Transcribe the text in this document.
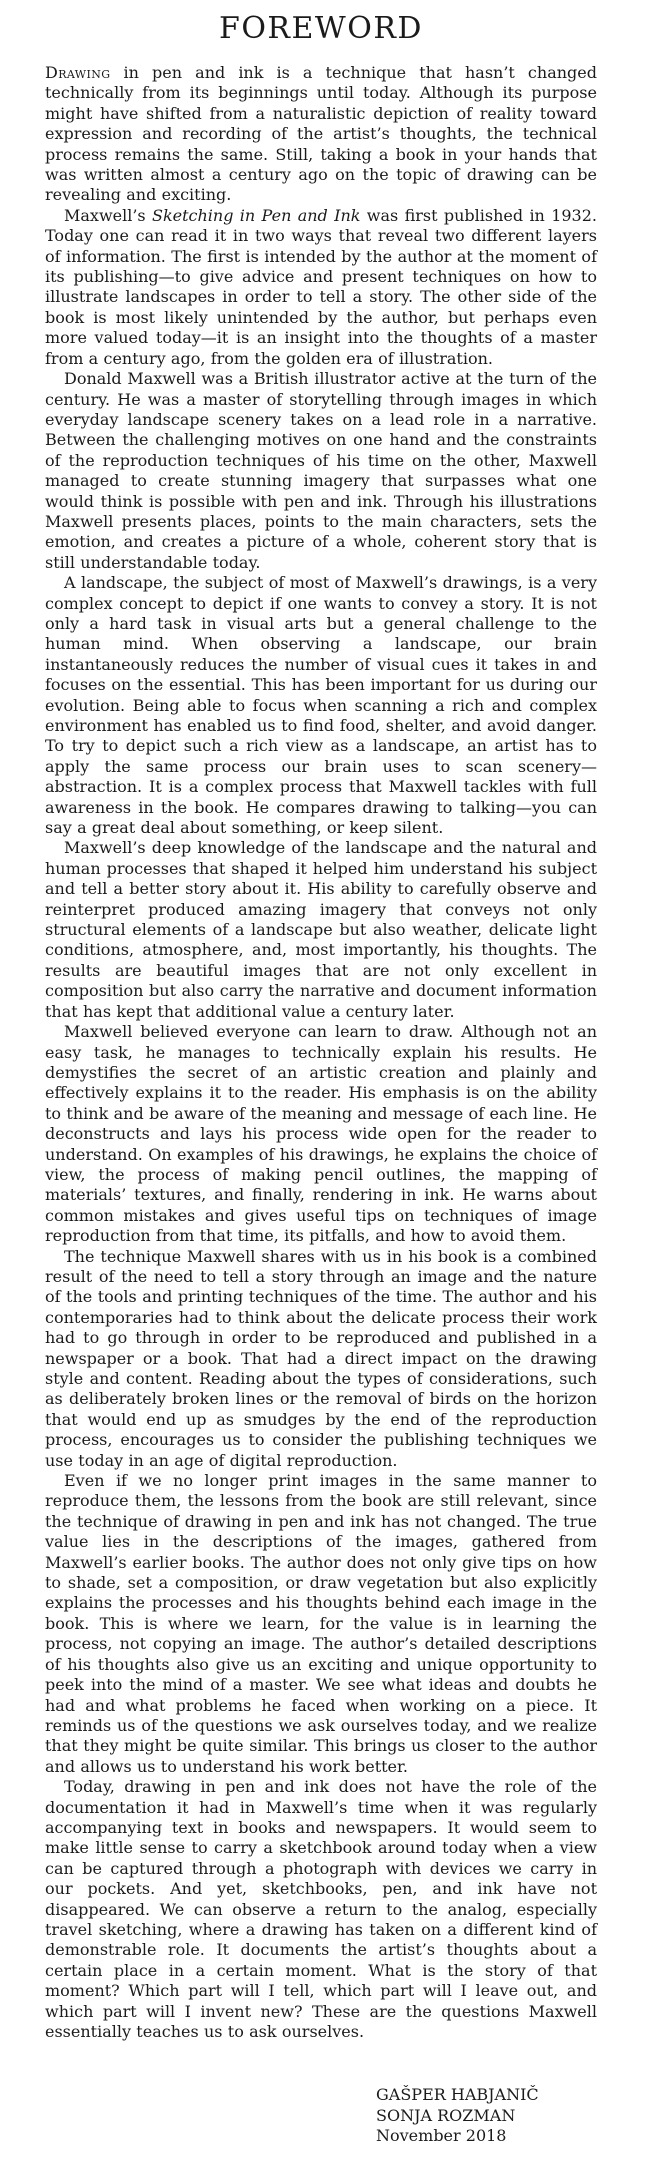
FOREWORD

Drawing in pen and ink is a technique that hasn’t changed technically from its beginnings until today. Although its purpose might have shifted from a naturalistic depiction of reality toward expression and recording of the artist’s thoughts, the technical process remains the same. Still, taking a book in your hands that was written almost a century ago on the topic of drawing can be revealing and exciting.

Maxwell’s Sketching in Pen and Ink was first published in 1932. Today one can read it in two ways that reveal two different layers of information. The first is intended by the author at the moment of its publishing—to give advice and present techniques on how to illustrate landscapes in order to tell a story. The other side of the book is most likely unintended by the author, but perhaps even more valued today—it is an insight into the thoughts of a master from a century ago, from the golden era of illustration.

Donald Maxwell was a British illustrator active at the turn of the century. He was a master of storytelling through images in which everyday landscape scenery takes on a lead role in a narrative. Between the challenging motives on one hand and the constraints of the reproduction techniques of his time on the other, Maxwell managed to create stunning imagery that surpasses what one would think is possible with pen and ink. Through his illustrations Maxwell presents places, points to the main characters, sets the emotion, and creates a picture of a whole, coherent story that is still understandable today.

A landscape, the subject of most of Maxwell’s drawings, is a very complex concept to depict if one wants to convey a story. It is not only a hard task in visual arts but a general challenge to the human mind. When observing a landscape, our brain instantaneously reduces the number of visual cues it takes in and focuses on the essential. This has been important for us during our evolution. Being able to focus when scanning a rich and complex environment has enabled us to find food, shelter, and avoid danger. To try to depict such a rich view as a landscape, an artist has to apply the same process our brain uses to scan scenery—abstraction. It is a complex process that Maxwell tackles with full awareness in the book. He compares drawing to talking—you can say a great deal about something, or keep silent.

Maxwell’s deep knowledge of the landscape and the natural and human processes that shaped it helped him understand his subject and tell a better story about it. His ability to carefully observe and reinterpret produced amazing imagery that conveys not only structural elements of a landscape but also weather, delicate light conditions, atmosphere, and, most importantly, his thoughts. The results are beautiful images that are not only excellent in composition but also carry the narrative and document information that has kept that additional value a century later.

Maxwell believed everyone can learn to draw. Although not an easy task, he manages to technically explain his results. He demystifies the secret of an artistic creation and plainly and effectively explains it to the reader. His emphasis is on the ability to think and be aware of the meaning and message of each line. He deconstructs and lays his process wide open for the reader to understand. On examples of his drawings, he explains the choice of view, the process of making pencil outlines, the mapping of materials’ textures, and finally, rendering in ink. He warns about common mistakes and gives useful tips on techniques of image reproduction from that time, its pitfalls, and how to avoid them.

The technique Maxwell shares with us in his book is a combined result of the need to tell a story through an image and the nature of the tools and printing techniques of the time. The author and his contemporaries had to think about the delicate process their work had to go through in order to be reproduced and published in a newspaper or a book. That had a direct impact on the drawing style and content. Reading about the types of considerations, such as deliberately broken lines or the removal of birds on the horizon that would end up as smudges by the end of the reproduction process, encourages us to consider the publishing techniques we use today in an age of digital reproduction.

Even if we no longer print images in the same manner to reproduce them, the lessons from the book are still relevant, since the technique of drawing in pen and ink has not changed. The true value lies in the descriptions of the images, gathered from Maxwell’s earlier books. The author does not only give tips on how to shade, set a composition, or draw vegetation but also explicitly explains the processes and his thoughts behind each image in the book. This is where we learn, for the value is in learning the process, not copying an image. The author’s detailed descriptions of his thoughts also give us an exciting and unique opportunity to peek into the mind of a master. We see what ideas and doubts he had and what problems he faced when working on a piece. It reminds us of the questions we ask ourselves today, and we realize that they might be quite similar. This brings us closer to the author and allows us to understand his work better.

Today, drawing in pen and ink does not have the role of the documentation it had in Maxwell’s time when it was regularly accompanying text in books and newspapers. It would seem to make little sense to carry a sketchbook around today when a view can be captured through a photograph with devices we carry in our pockets. And yet, sketchbooks, pen, and ink have not disappeared. We can observe a return to the analog, especially travel sketching, where a drawing has taken on a different kind of demonstrable role. It documents the artist’s thoughts about a certain place in a certain moment. What is the story of that moment? Which part will I tell, which part will I leave out, and which part will I invent new? These are the questions Maxwell essentially teaches us to ask ourselves.

GAŠPER HABJANIČ
SONJA ROZMAN
November 2018
